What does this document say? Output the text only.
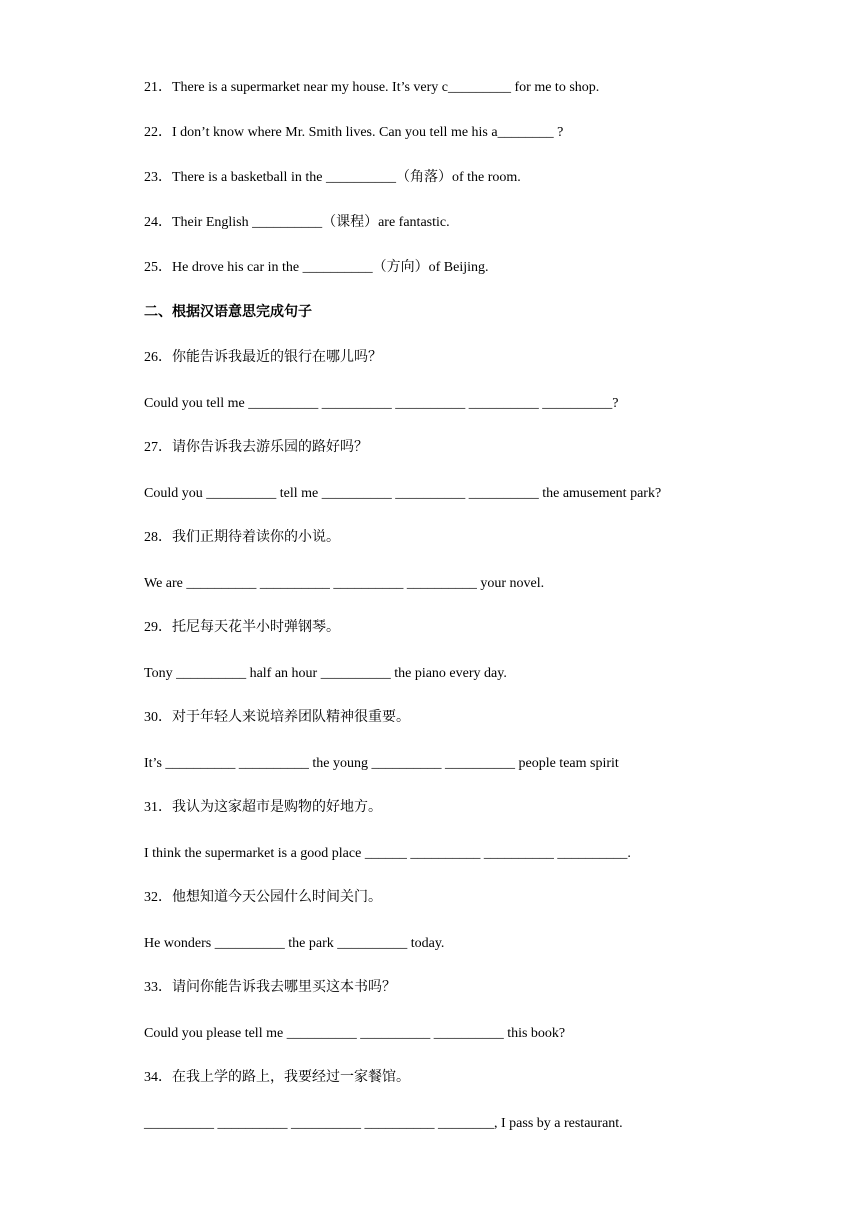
21．There is a supermarket near my house. It’s very c_________ for me to shop.
22．I don’t know where Mr. Smith lives. Can you tell me his a________ ?
23．There is a basketball in the __________（角落）of the room.
24．Their English __________（课程）are fantastic.
25．He drove his car in the __________（方向）of Beijing.
二、根据汉语意思完成句子
26．你能告诉我最近的银行在哪儿吗？
Could you tell me __________ __________ __________ __________ __________?
27．请你告诉我去游乐园的路好吗？
Could you __________ tell me __________ __________ __________ the amusement park?
28．我们正期待着读你的小说。
We are __________ __________ __________ __________ your novel.
29．托尼每天花半小时弹钢琴。
Tony __________ half an hour __________ the piano every day.
30．对于年轻人来说培养团队精神很重要。
It’s __________ __________ the young __________ __________ people team spirit
31．我认为这家超市是购物的好地方。
I think the supermarket is a good place ______ __________ __________ __________.
32．他想知道今天公园什么时间关门。
He wonders __________ the park __________ today.
33．请问你能告诉我去哪里买这本书吗？
Could you please tell me __________ __________ __________ this book?
34．在我上学的路上，我要经过一家餐馆。
__________ __________ __________ __________ ________, I pass by a restaurant.
